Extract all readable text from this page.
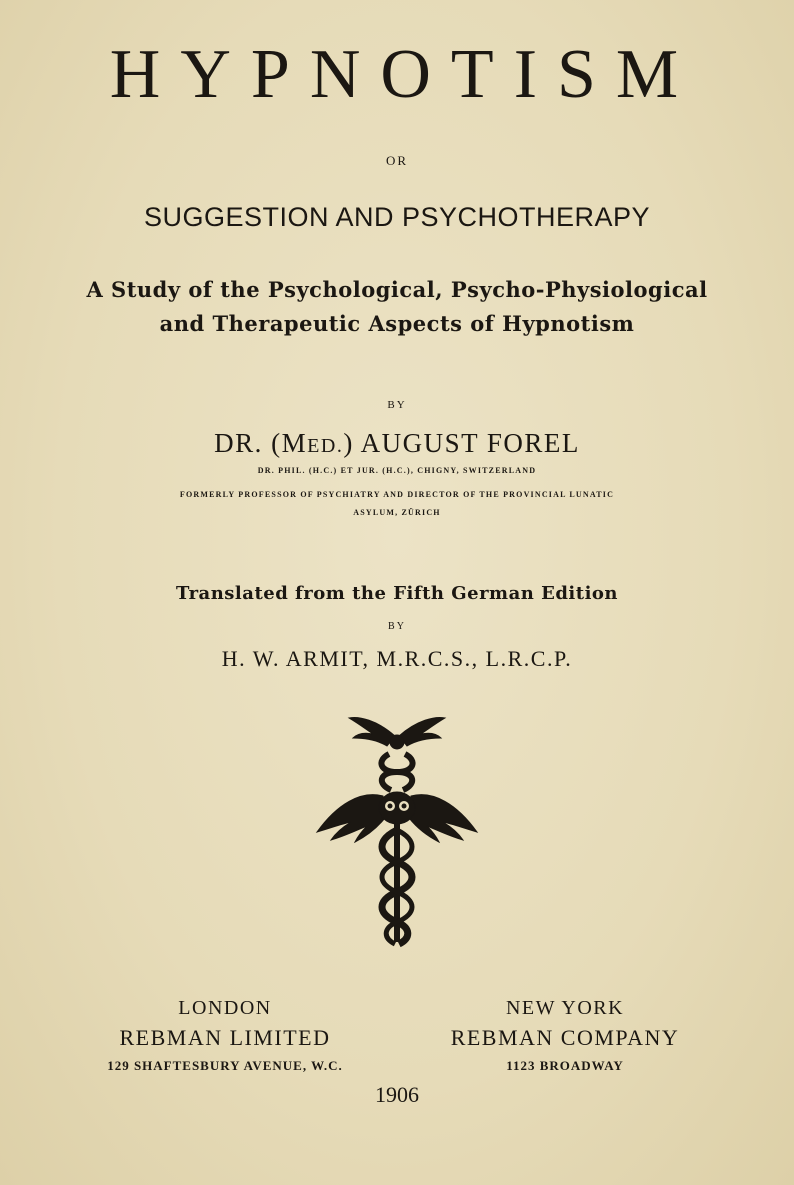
HYPNOTISM
OR
SUGGESTION AND PSYCHOTHERAPY
A Study of the Psychological, Psycho-Physiological
and Therapeutic Aspects of Hypnotism
BY
DR. (MED.) AUGUST FOREL
DR. PHIL. (H.C.) ET JUR. (H.C.), CHIGNY, SWITZERLAND
FORMERLY PROFESSOR OF PSYCHIATRY AND DIRECTOR OF THE PROVINCIAL LUNATIC
ASYLUM, ZÜRICH
Translated from the Fifth German Edition
BY
H. W. ARMIT, M.R.C.S., L.R.C.P.
LONDON
REBMAN LIMITED
129 SHAFTESBURY AVENUE, W.C.
NEW YORK
REBMAN COMPANY
1123 BROADWAY
1906
